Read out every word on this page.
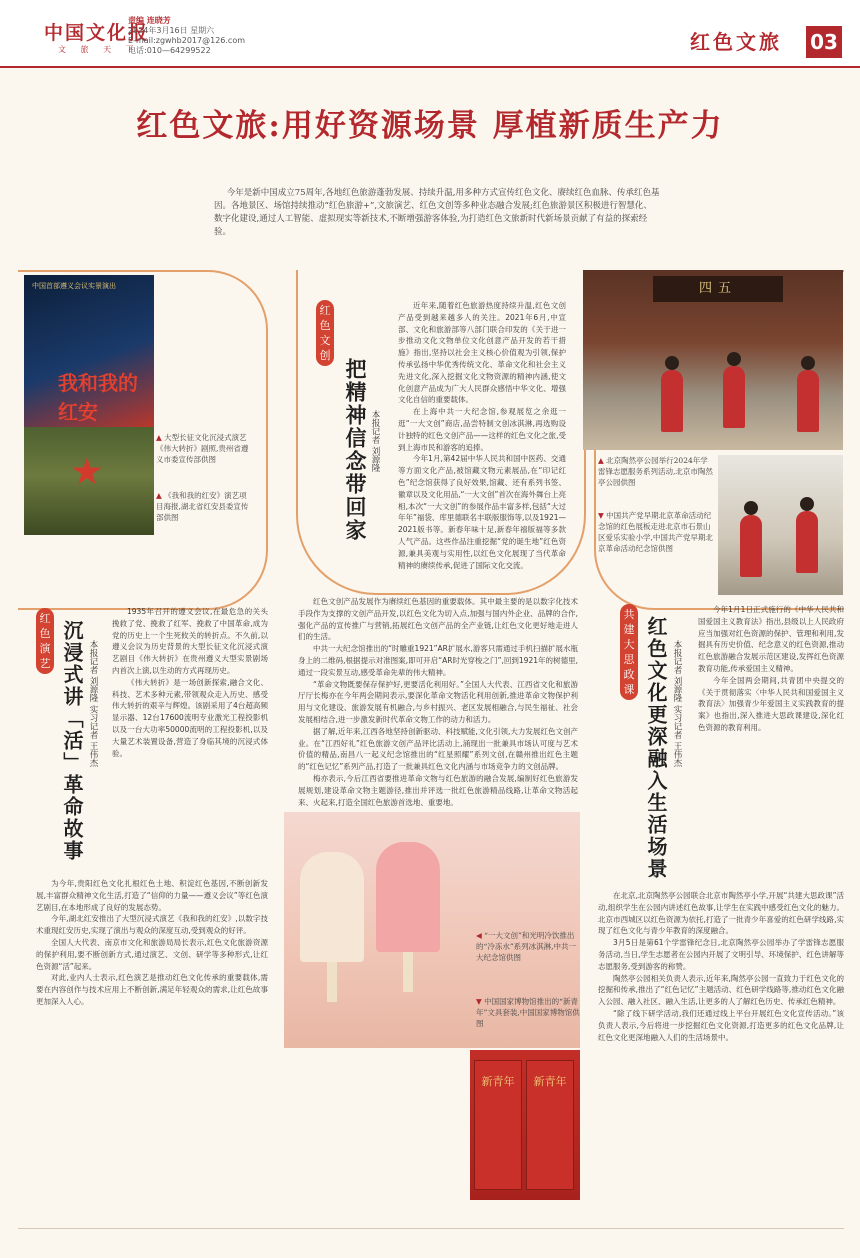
中国文化报
文 旅 天 下
责编 连晓芳
2024年3月16日 星期六
E-mail:zgwhb2017@126.com
电话:010—64299522	红色文旅 03
红色文旅:用好资源场景 厚植新质生产力
今年是新中国成立75周年,各地红色旅游蓬勃发展、持续升温,用多种方式宣传红色文化、赓续红色血脉、传承红色基因。各地景区、场馆持续推动“红色旅游+”,文旅演艺、红色文创等多种业态融合发展;红色旅游景区积极进行智慧化、数字化建设,通过人工智能、虚拟现实等新技术,不断增强游客体验,为打造红色文旅新时代新场景贡献了有益的探索经验。
中国首部遵义会议实景演出
我和我的红安
▲ 大型长征文化沉浸式演艺《伟大转折》剧照,贵州省遵义市委宣传部供图
▲ 《我和我的红安》演艺项目海报,湖北省红安县委宣传部供图
四五
▲ 北京陶然亭公园举行2024年学雷锋志愿服务系列活动,北京市陶然亭公园供图
▼ 中国共产党早期北京革命活动纪念馆的红色展板走进北京市石景山区爱乐实验小学,中国共产党早期北京革命活动纪念馆供图
红
色
文
创
把精神信念带回家 本报记者 刘源隆

近年来,随着红色旅游热度持续升温,红色文创产品受到越来越多人的关注。2021年6月,中宣部、文化和旅游部等八部门联合印发的《关于进一步推动文化文物单位文化创意产品开发的若干措施》指出,坚持以社会主义核心价值观为引领,保护传承弘扬中华优秀传统文化、革命文化和社会主义先进文化,深入挖掘文化文物资源的精神内涵,使文化创意产品成为广大人民群众感悟中华文化、增强文化自信的重要载体。

在上海中共一大纪念馆,参观展览之余逛一逛“一大文创”商店,品尝特制文创冰淇淋,再选购设计独特的红色文创产品——这样的红色文化之旅,受到上海市民和游客的追捧。

今年1月,第42届中华人民共和国中医药、交通等方面文化产品,被馆藏文物元素展品,在“印记红色”纪念馆获得了良好效果,馆藏、还有系列书签、徽章以及文化用品,“一大文创”首次在海外舞台上亮相,本次“一大文创”的参展作品丰富多样,包括“大过年年”福袋、库里德联名丰联版服饰等,以及1921—2021版书等。新春年味十足,新春年禧版福等多款人气产品。这些作品注重挖掘“党的诞生地”红色资源,兼具美观与实用性,以红色文化展现了当代革命精神的赓续传承,促进了国际文化交流。

红色文创产品发展作为赓续红色基因的重要载体。其中最主要的是以数字化技术手段作为支撑的文创产品开发,以红色文化为切入点,加强与国内外企业、品牌的合作,强化产品的宣传推广与营销,拓展红色文创产品的全产业链,让红色文化更好地走进人们的生活。

中共一大纪念馆推出的“时雕重1921”AR扩展水,游客只需通过手机扫描扩展水瓶身上的二维码,根据提示对准图案,即可开启“AR时光穿梭之门”,回到1921年的树德里,通过一段实景互动,感受革命先辈的伟大精神。

“革命文物既要保存保护好,更要活化利用好。”全国人大代表、江西省文化和旅游厅厅长梅亦在今年两会期间表示,要深化革命文物活化利用创新,推进革命文物保护利用与文化建设、旅游发展有机融合,与乡村振兴、老区发展相融合,与民生福祉、社会发展相结合,进一步激发新时代革命文物工作的动力和活力。

据了解,近年来,江西各地坚持创新驱动、科技赋能,文化引领,大力发展红色文创产业。在“江西好礼”红色旅游文创产品评比活动上,涌现出一批兼具市场认可度与艺术价值的精品,南昌八一起义纪念馆推出的“红星照耀”系列文创,在赣州推出红色主题的“红色记忆”系列产品,打造了一批兼具红色文化内涵与市场竞争力的文创品牌。

梅亦表示,今后江西省要推进革命文物与红色旅游的融合发展,编制好红色旅游发展规划,建设革命文物主题游径,推出并评选一批红色旅游精品线路,让革命文物活起来、火起来,打造全国红色旅游首选地、重要地。

◀ “一大文创”和光明冷饮推出的“冷冻水”系列冰淇淋,中共一大纪念馆供图
▼ 中国国家博物馆推出的“新青年”文具套装,中国国家博物馆供图
新青年	新青年
红
色
演
艺 沉浸式讲「活」革命故事 本报记者 刘源隆 实习记者 王伟杰

1935年召开的遵义会议,在最危急的关头挽救了党、挽救了红军、挽救了中国革命,成为党的历史上一个生死攸关的转折点。不久前,以遵义会议为历史背景的大型长征文化沉浸式演艺剧目《伟大转折》在贵州遵义大型实景剧场内首次上演,以生动的方式再现历史。

《伟大转折》是一场创新探索,融合文化、科技、艺术多种元素,带领观众走入历史、感受伟大转折的艰辛与辉煌。该剧采用了4台超高频显示器、12台17600流明专业激光工程投影机以及一台大功率50000流明的工程投影机,以及大量艺术装置设备,营造了身临其境的沉浸式体验。

为今年,贵阳红色文化扎根红色土地、积淀红色基因,不断创新发展,丰富群众精神文化生活,打造了“信仰的力量——遵义会议”等红色演艺剧目,在本地形成了良好的发展态势。

今年,湖北红安推出了大型沉浸式演艺《我和我的红安》,以数字技术重现红安历史,实现了演出与观众的深度互动,受到观众的好评。

全国人大代表、南京市文化和旅游局局长表示,红色文化旅游资源的保护利用,要不断创新方式,通过演艺、文创、研学等多种形式,让红色资源“活”起来。

对此,业内人士表示,红色演艺是推动红色文化传承的重要载体,需要在内容创作与技术应用上不断创新,满足年轻观众的需求,让红色故事更加深入人心。

共
建
大
思
政
课 红色文化更深融入生活场景 本报记者 刘源隆 实习记者 王伟杰

今年1月1日正式施行的《中华人民共和国爱国主义教育法》指出,县级以上人民政府应当加强对红色资源的保护、管理和利用,发掘具有历史价值、纪念意义的红色资源,推动红色旅游融合发展示范区建设,发挥红色资源教育功能,传承爱国主义精神。

今年全国两会期间,共青团中央提交的《关于贯彻落实〈中华人民共和国爱国主义教育法〉加强青少年爱国主义实践教育的提案》也指出,深入推进大思政课建设,深化红色资源的教育利用。

在北京,北京陶然亭公园联合北京市陶然亭小学,开展“共建大思政课”活动,组织学生在公园内讲述红色故事,让学生在实践中感受红色文化的魅力。北京市西城区以红色资源为依托,打造了一批青少年喜爱的红色研学线路,实现了红色文化与青少年教育的深度融合。

3月5日是第61个学雷锋纪念日,北京陶然亭公园举办了学雷锋志愿服务活动,当日,学生志愿者在公园内开展了文明引导、环境保护、红色讲解等志愿服务,受到游客的称赞。

陶然亭公园相关负责人表示,近年来,陶然亭公园一直致力于红色文化的挖掘和传承,推出了“红色记忆”主题活动、红色研学线路等,推动红色文化融入公园、融入社区、融入生活,让更多的人了解红色历史、传承红色精神。

“除了线下研学活动,我们还通过线上平台开展红色文化宣传活动。”该负责人表示,今后将进一步挖掘红色文化资源,打造更多的红色文化品牌,让红色文化更深地融入人们的生活场景中。
